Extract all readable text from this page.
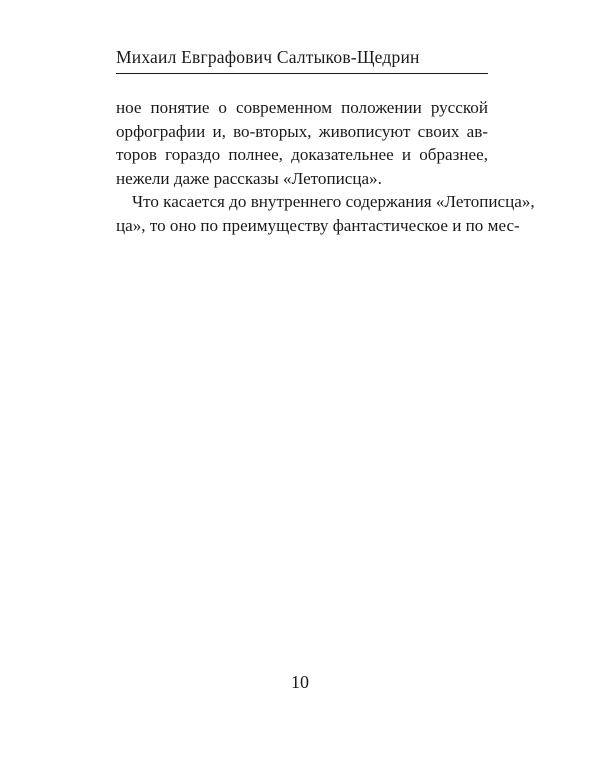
Михаил Евграфович Салтыков-Щедрин
ное понятие о современном положении русской
орфографии и, во-вторых, живописуют своих ав-
торов гораздо полнее, доказательнее и образнее,
нежели даже рассказы «Летописца».
Что касается до внутреннего содержания «Летописца»,
ца», то оно по преимуществу фантастическое и по мес-
10
